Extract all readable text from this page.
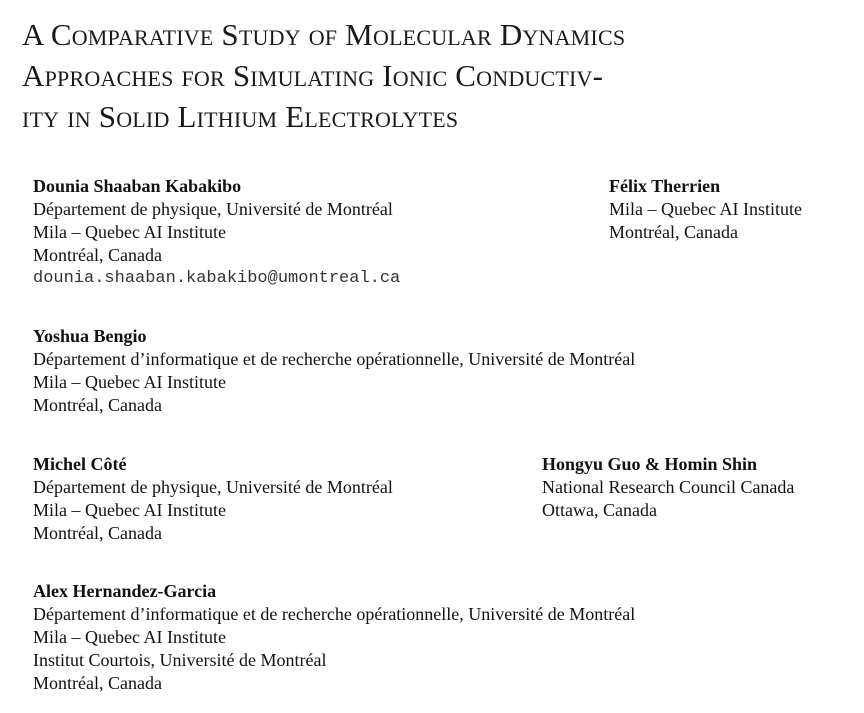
A Comparative Study of Molecular Dynamics
Approaches for Simulating Ionic Conductiv-
ity in Solid Lithium Electrolytes
Dounia Shaaban Kabakibo
Département de physique, Université de Montréal
Mila – Quebec AI Institute
Montréal, Canada
dounia.shaaban.kabakibo@umontreal.ca
Félix Therrien
Mila – Quebec AI Institute
Montréal, Canada
Yoshua Bengio
Département d’informatique et de recherche opérationnelle, Université de Montréal
Mila – Quebec AI Institute
Montréal, Canada
Michel Côté
Département de physique, Université de Montréal
Mila – Quebec AI Institute
Montréal, Canada
Hongyu Guo & Homin Shin
National Research Council Canada
Ottawa, Canada
Alex Hernandez-Garcia
Département d’informatique et de recherche opérationnelle, Université de Montréal
Mila – Quebec AI Institute
Institut Courtois, Université de Montréal
Montréal, Canada
